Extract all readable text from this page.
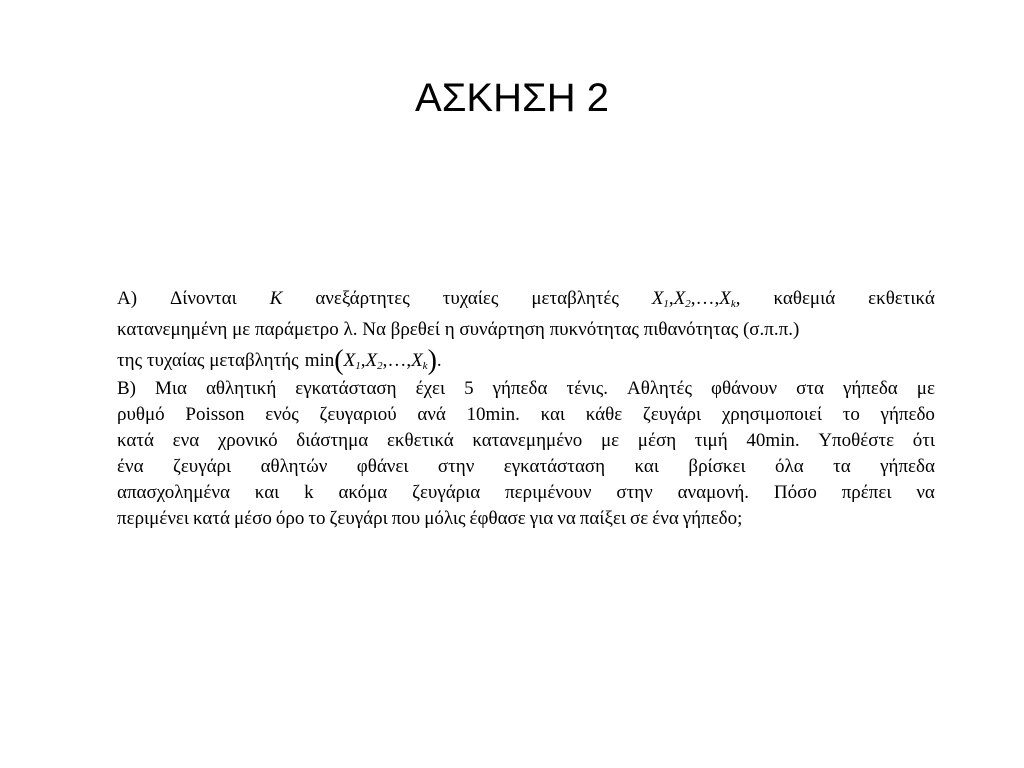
ΑΣΚΗΣΗ 2
A) Δίνονται K ανεξάρτητες τυχαίες μεταβλητές $X_1,X_2,\dots,X_k$, καθεμιά εκθετικά
κατανεμημένη με παράμετρο λ. Να βρεθεί η συνάρτηση πυκνότητας πιθανότητας (σ.π.π.)
της τυχαίας μεταβλητής $\min(X_1,X_2,\dots,X_k)$.
B) Μια αθλητική εγκατάσταση έχει 5 γήπεδα τένις. Αθλητές φθάνουν στα γήπεδα με
ρυθμό Poisson ενός ζευγαριού ανά 10min. και κάθε ζευγάρι χρησιμοποιεί το γήπεδο
κατά ενα χρονικό διάστημα εκθετικά κατανεμημένο με μέση τιμή 40min. Υποθέστε ότι
ένα ζευγάρι αθλητών φθάνει στην εγκατάσταση και βρίσκει όλα τα γήπεδα
απασχολημένα και k ακόμα ζευγάρια περιμένουν στην αναμονή. Πόσο πρέπει να
περιμένει κατά μέσο όρο το ζευγάρι που μόλις έφθασε για να παίξει σε ένα γήπεδο;
